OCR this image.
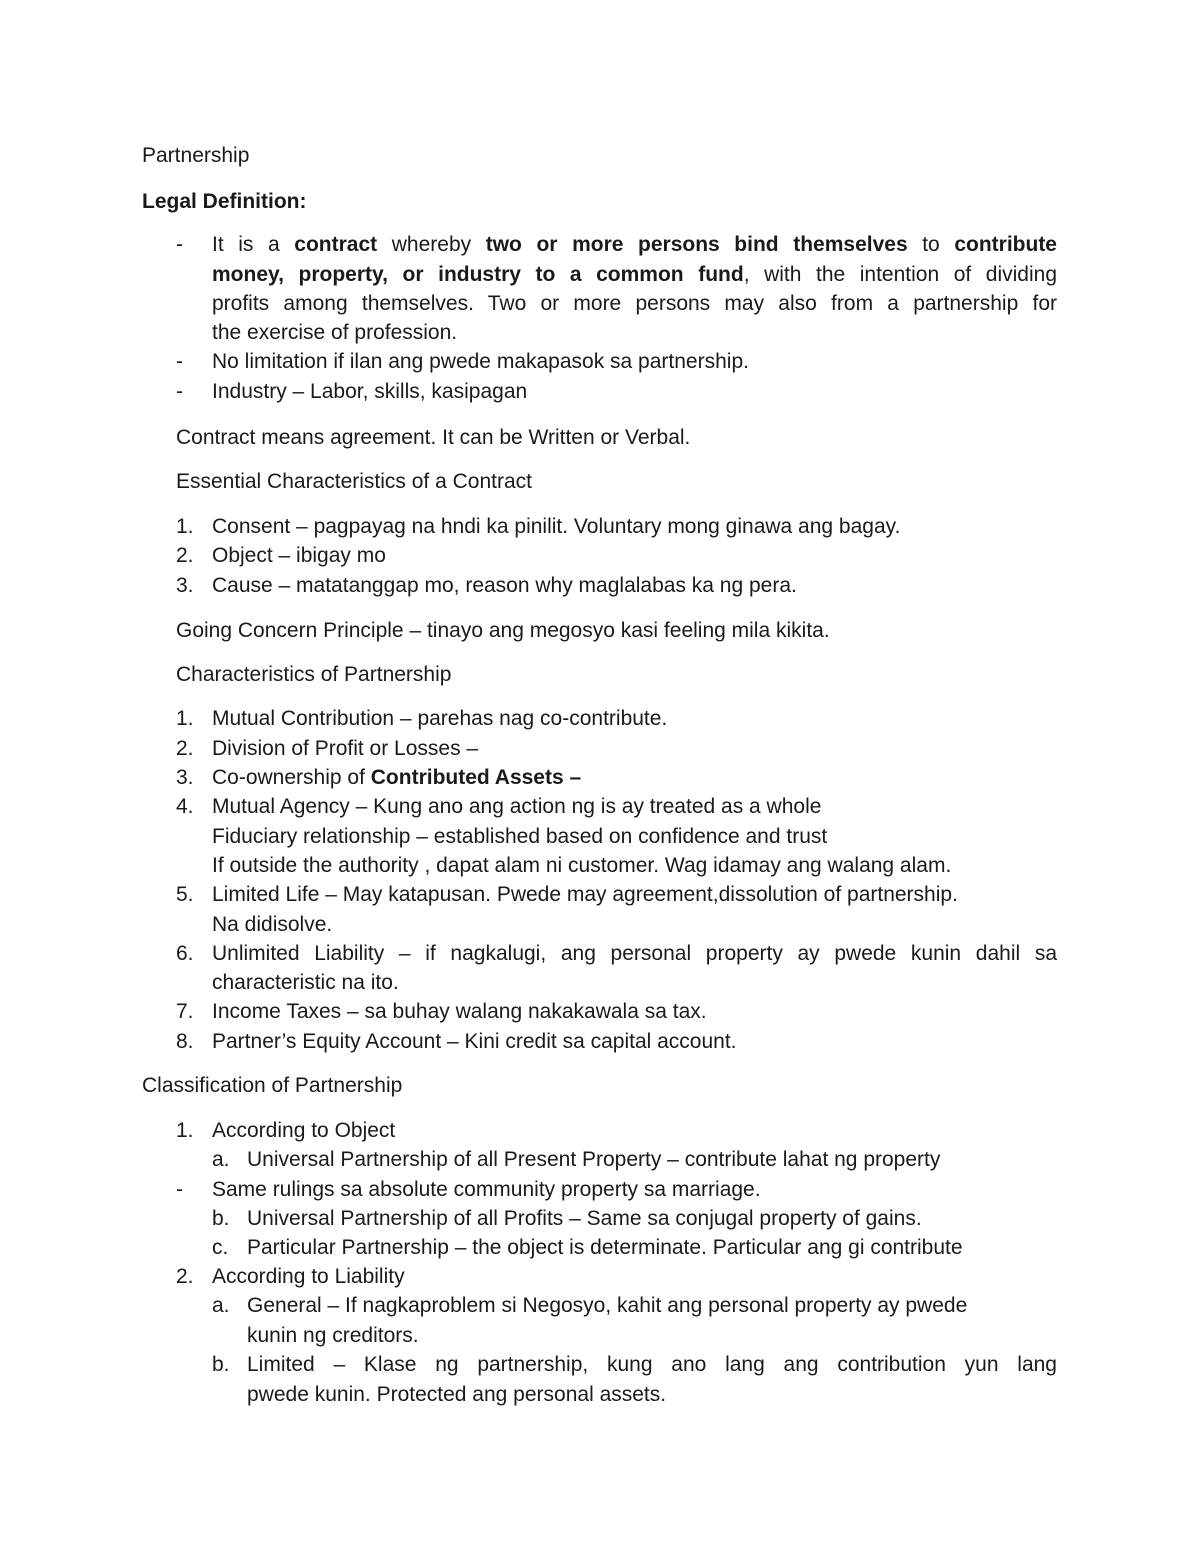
Partnership
Legal Definition:
- It is a contract whereby two or more persons bind themselves to contribute
money, property, or industry to a common fund, with the intention of dividing
profits among themselves. Two or more persons may also from a partnership for
the exercise of profession.
- No limitation if ilan ang pwede makapasok sa partnership.
- Industry – Labor, skills, kasipagan
Contract means agreement. It can be Written or Verbal.
Essential Characteristics of a Contract
1. Consent – pagpayag na hndi ka pinilit. Voluntary mong ginawa ang bagay.
2. Object – ibigay mo
3. Cause – matatanggap mo, reason why maglalabas ka ng pera.
Going Concern Principle – tinayo ang megosyo kasi feeling mila kikita.
Characteristics of Partnership
1. Mutual Contribution – parehas nag co-contribute.
2. Division of Profit or Losses –
3. Co-ownership of Contributed Assets –
4. Mutual Agency – Kung ano ang action ng is ay treated as a whole
Fiduciary relationship – established based on confidence and trust
If outside the authority , dapat alam ni customer. Wag idamay ang walang alam.
5. Limited Life – May katapusan. Pwede may agreement,dissolution of partnership.
Na didisolve.
6. Unlimited Liability – if nagkalugi, ang personal property ay pwede kunin dahil sa
characteristic na ito.
7. Income Taxes – sa buhay walang nakakawala sa tax.
8. Partner’s Equity Account – Kini credit sa capital account.
Classification of Partnership
1. According to Object
a. Universal Partnership of all Present Property – contribute lahat ng property
- Same rulings sa absolute community property sa marriage.
b. Universal Partnership of all Profits – Same sa conjugal property of gains.
c. Particular Partnership – the object is determinate. Particular ang gi contribute
2. According to Liability
a. General – If nagkaproblem si Negosyo, kahit ang personal property ay pwede
kunin ng creditors.
b. Limited – Klase ng partnership, kung ano lang ang contribution yun lang
pwede kunin. Protected ang personal assets.
